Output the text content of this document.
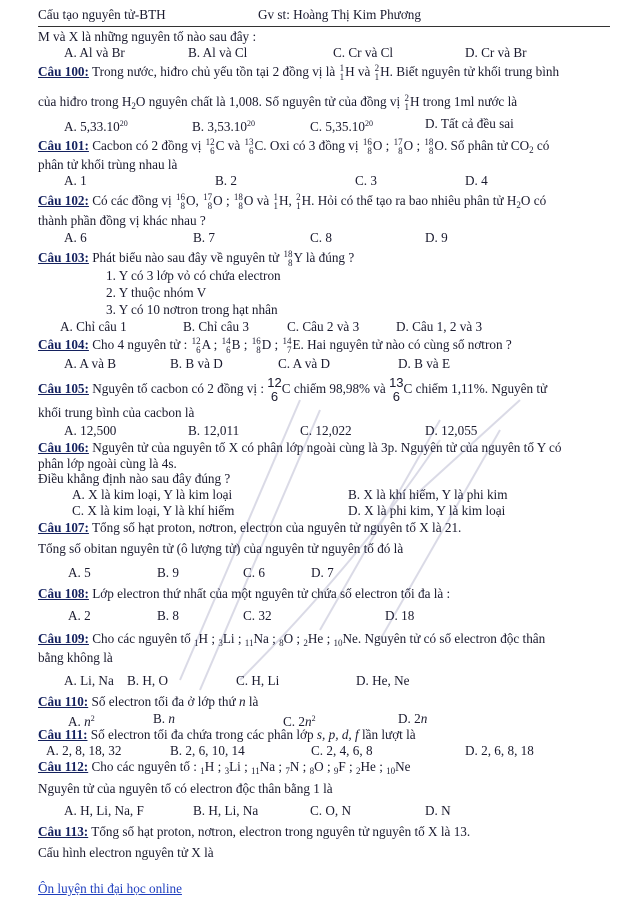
Cấu tạo nguyên tử-BTH	Gv st: Hoàng Thị Kim Phương
M và X là những nguyên tố nào sau đây :
A. Al và Br	B. Al và Cl	C. Cr và Cl	D. Cr và Br
Câu 100: Trong nước, hiđro chủ yếu tồn tại 2 đồng vị là 1
1 H và 2
1 H. Biết nguyên tử khối trung bình
của hiđro trong $H_2O$ nguyên chất là 1,008. Số nguyên tử của đồng vị 2
1 H trong 1ml nước là
A. 5,33.10$^{20}$	B. 3,53.10$^{20}$	C. 5,35.10$^{20}$	D. Tất cả đều sai
Câu 101: Cacbon có 2 đồng vị 12
6 C và 13
6 C. Oxi có 3 đồng vị 16
8 O ; 17
8 O ; 18
8 O. Số phân tử $CO_2$ có
phân tử khối trùng nhau là
A. 1	B. 2	C. 3	D. 4
Câu 102: Có các đồng vị 16
8 O, 17
8 O ; 18
8 O và 1
1 H, 2
1 H. Hỏi có thể tạo ra bao nhiêu phân tử $H_2O$ có
thành phần đồng vị khác nhau ?
A. 6	B. 7	C. 8	D. 9
Câu 103: Phát biểu nào sau đây về nguyên tử 18
8 Y là đúng ?
1. Y có 3 lớp vỏ có chứa electron
2. Y thuộc nhóm V
3. Y có 10 nơtron trong hạt nhân
A. Chỉ câu 1	B. Chỉ câu 3	C. Câu 2 và 3	D. Câu 1, 2 và 3
Câu 104: Cho 4 nguyên tử : 12
6 A ; 14
6 B ; 16
8 D ; 14
7 E. Hai nguyên tử nào có cùng số nơtron ?
A. A và B	B. B và D	C. A và D	D. B và E
Câu 105: Nguyên tố cacbon có 2 đồng vị : 12
6C chiếm 98,98% và 13
6C chiếm 1,11%. Nguyên tử
khối trung bình của cacbon là
A. 12,500	B. 12,011	C. 12,022	D. 12,055
Câu 106: Nguyên tử của nguyên tố X có phân lớp ngoài cùng là 3p. Nguyên tử của nguyên tố Y có
phân lớp ngoài cùng là 4s.
Điều khẳng định nào sau đây đúng ?
A. X là kim loại, Y là kim loại	B. X là khí hiếm, Y là phi kim
C. X là kim loại, Y là khí hiếm	D. X là phi kim, Y là kim loại
Câu 107: Tổng số hạt proton, nơtron, electron của nguyên tử nguyên tố X là 21.
Tổng số obitan nguyên tử (ô lượng tử) của nguyên tử nguyên tố đó là
A. 5	B. 9	C. 6	D. 7
Câu 108: Lớp electron thứ nhất của một nguyên tử chứa số electron tối đa là :
A. 2	B. 8	C. 32	D. 18
Câu 109: Cho các nguyên tố $_1$H ; $_3$Li ; $_{11}$Na ; $_8$O ; $_2$He ; $_{10}$Ne. Nguyên tử có số electron độc thân
bằng không là
A. Li, Na B. H, O	C. H, Li	D. He, Ne
Câu 110: Số electron tối đa ở lớp thứ n là
A. $n^2$	B. n	C. $2n^2$	D. 2n
Câu 111: Số electron tối đa chứa trong các phân lớp s, p, d, f lần lượt là
A. 2, 8, 18, 32	B. 2, 6, 10, 14	C. 2, 4, 6, 8	D. 2, 6, 8, 18
Câu 112: Cho các nguyên tố : $_1$H ; $_3$Li ; $_{11}$Na ; $_7$N ; $_8$O ; $_9$F ; $_2$He ; $_{10}$Ne
Nguyên tử của nguyên tố có electron độc thân bằng 1 là
A. H, Li, Na, F	B. H, Li, Na	C. O, N	D. N
Câu 113: Tổng số hạt proton, nơtron, electron trong nguyên tử nguyên tố X là 13.
Cấu hình electron nguyên tử X là
Ôn luyện thi đại học online
